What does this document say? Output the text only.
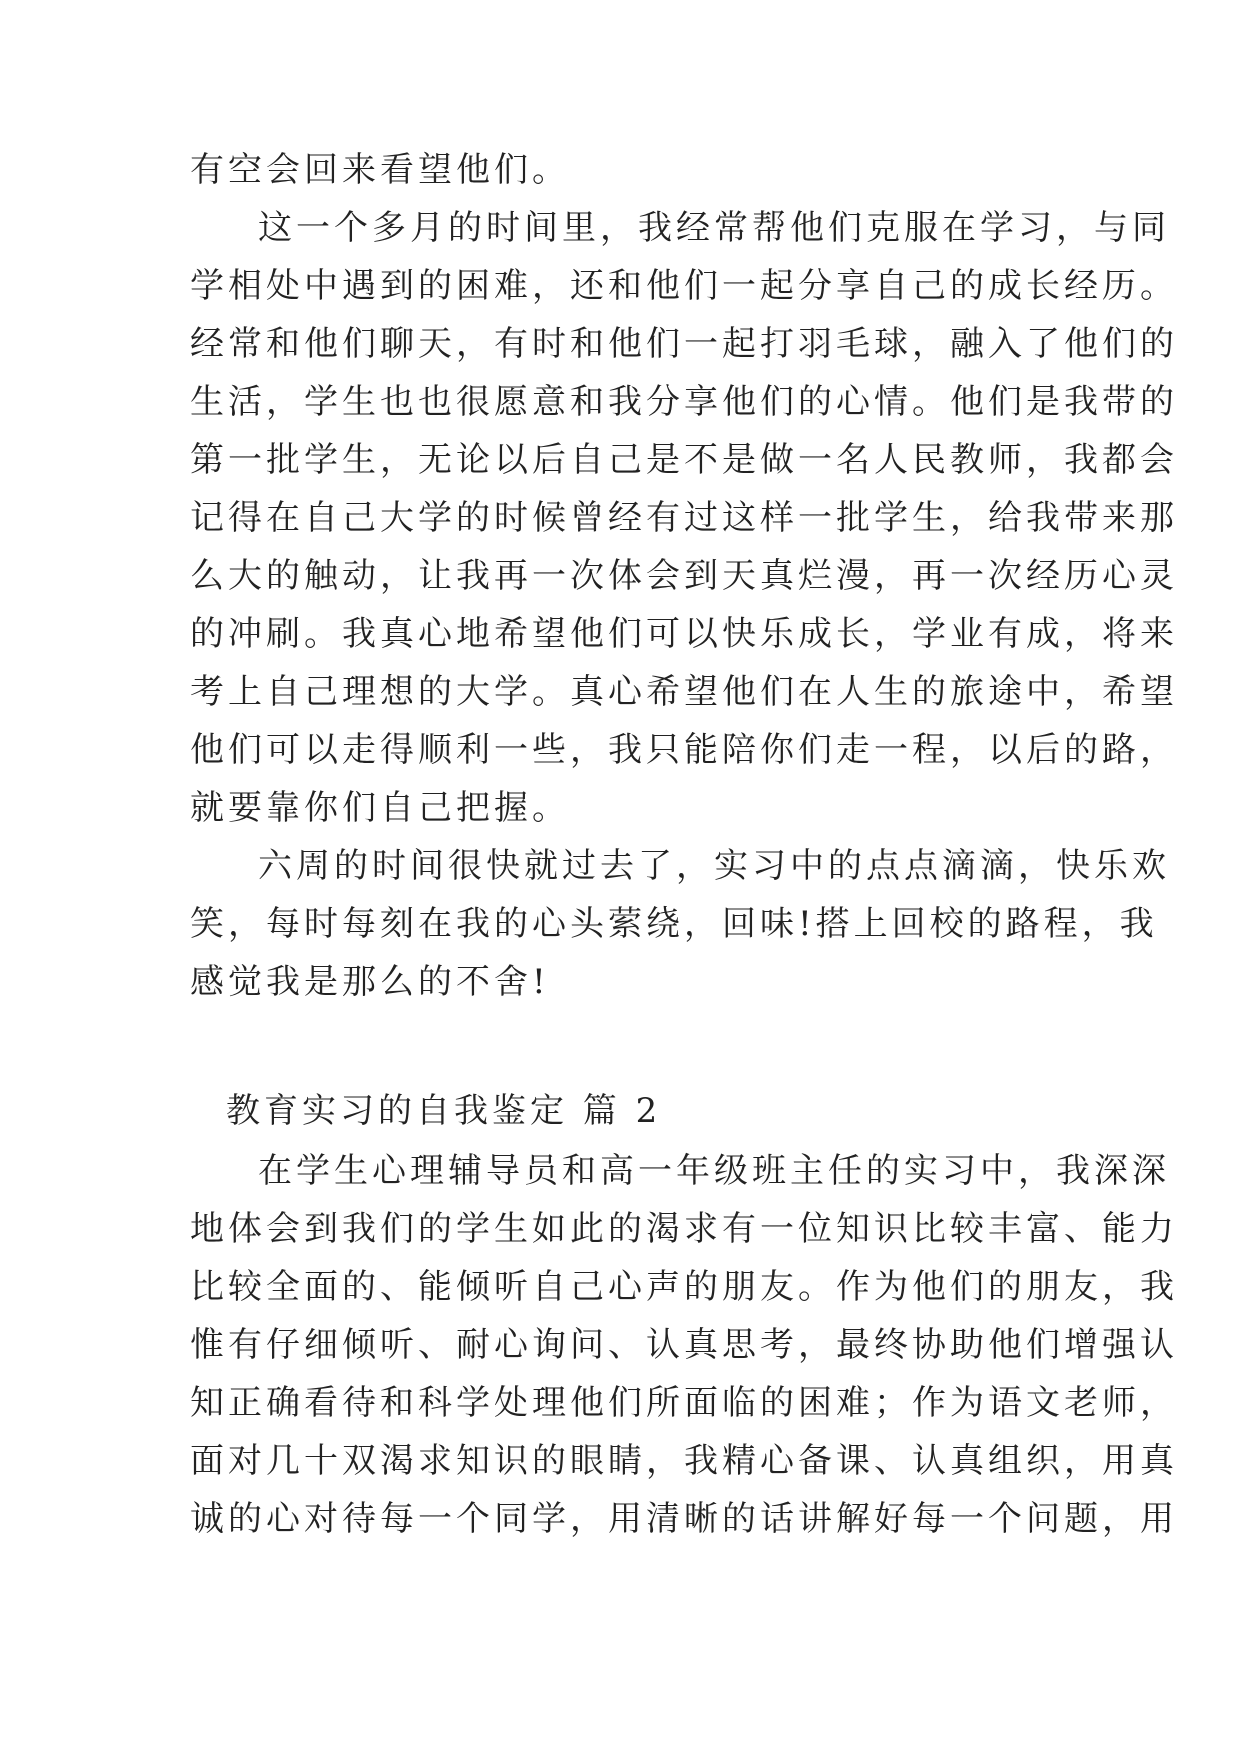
有空会回来看望他们。
这一个多月的时间里，我经常帮他们克服在学习，与同
学相处中遇到的困难，还和他们一起分享自己的成长经历。
经常和他们聊天，有时和他们一起打羽毛球，融入了他们的
生活，学生也也很愿意和我分享他们的心情。他们是我带的
第一批学生，无论以后自己是不是做一名人民教师，我都会
记得在自己大学的时候曾经有过这样一批学生，给我带来那
么大的触动，让我再一次体会到天真烂漫，再一次经历心灵
的冲刷。我真心地希望他们可以快乐成长，学业有成，将来
考上自己理想的大学。真心希望他们在人生的旅途中，希望
他们可以走得顺利一些，我只能陪你们走一程，以后的路，
就要靠你们自己把握。
六周的时间很快就过去了，实习中的点点滴滴，快乐欢
笑，每时每刻在我的心头萦绕，回味!搭上回校的路程，我
感觉我是那么的不舍!
教育实习的自我鉴定 篇 2
在学生心理辅导员和高一年级班主任的实习中，我深深
地体会到我们的学生如此的渴求有一位知识比较丰富、能力
比较全面的、能倾听自己心声的朋友。作为他们的朋友，我
惟有仔细倾听、耐心询问、认真思考，最终协助他们增强认
知正确看待和科学处理他们所面临的困难；作为语文老师，
面对几十双渴求知识的眼睛，我精心备课、认真组织，用真
诚的心对待每一个同学，用清晰的话讲解好每一个问题，用
